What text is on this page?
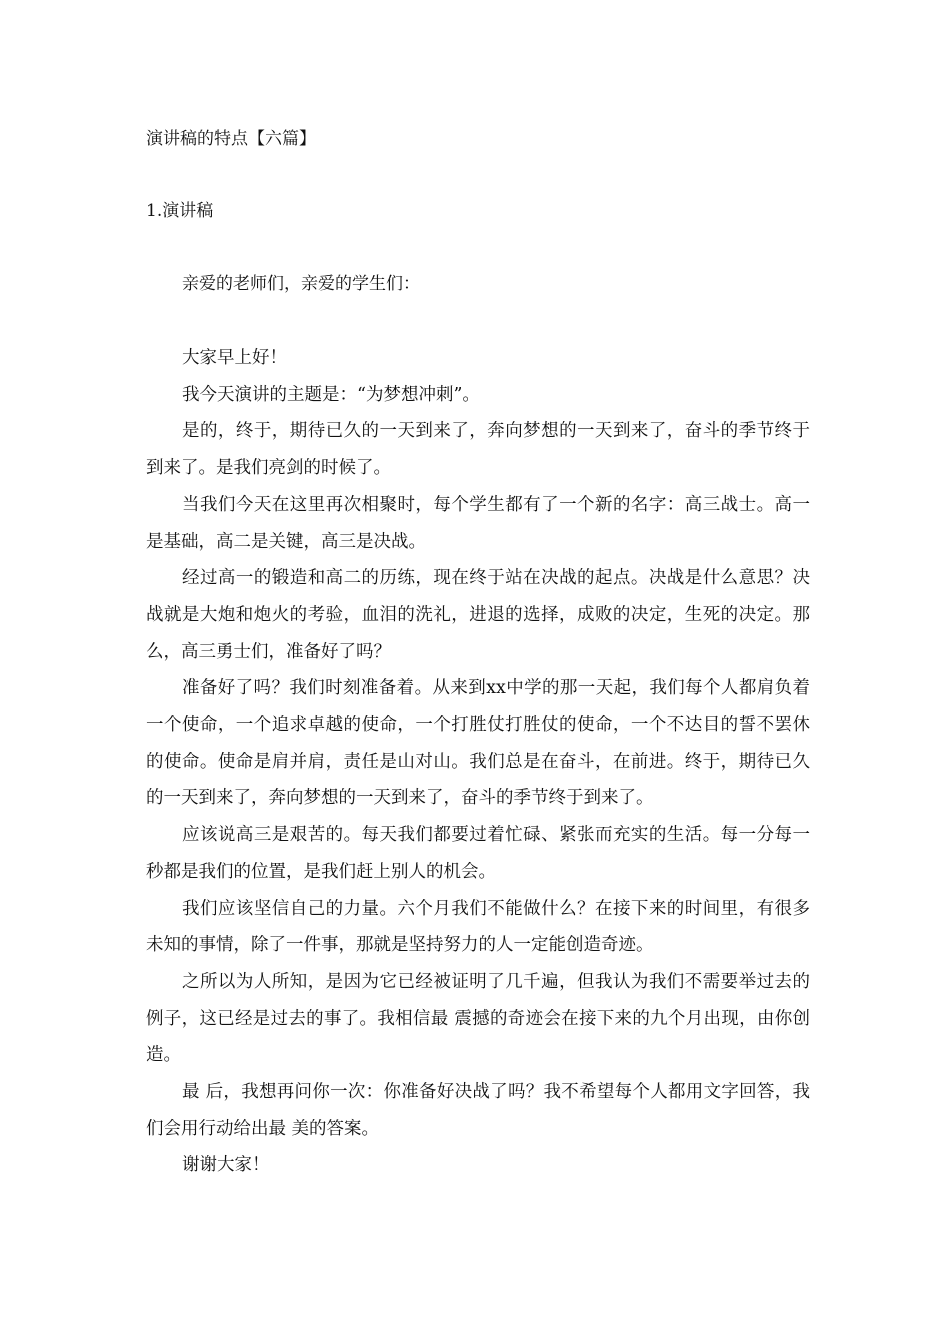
演讲稿的特点【六篇】
1.演讲稿
亲爱的老师们，亲爱的学生们：

大家早上好！

我今天演讲的主题是：“为梦想冲刺”。

是的，终于，期待已久的一天到来了，奔向梦想的一天到来了，奋斗的季节终于到来了。是我们亮剑的时候了。

当我们今天在这里再次相聚时，每个学生都有了一个新的名字：高三战士。高一是基础，高二是关键，高三是决战。

经过高一的锻造和高二的历练，现在终于站在决战的起点。决战是什么意思？决战就是大炮和炮火的考验，血泪的洗礼，进退的选择，成败的决定，生死的决定。那么，高三勇士们，准备好了吗？

准备好了吗？我们时刻准备着。从来到xx中学的那一天起，我们每个人都肩负着一个使命，一个追求卓越的使命，一个打胜仗打胜仗的使命，一个不达目的誓不罢休的使命。使命是肩并肩，责任是山对山。我们总是在奋斗，在前进。终于，期待已久的一天到来了，奔向梦想的一天到来了，奋斗的季节终于到来了。

应该说高三是艰苦的。每天我们都要过着忙碌、紧张而充实的生活。每一分每一秒都是我们的位置，是我们赶上别人的机会。

我们应该坚信自己的力量。六个月我们不能做什么？在接下来的时间里，有很多未知的事情，除了一件事，那就是坚持努力的人一定能创造奇迹。

之所以为人所知，是因为它已经被证明了几千遍，但我认为我们不需要举过去的例子，这已经是过去的事了。我相信最 震撼的奇迹会在接下来的九个月出现，由你创造。

最 后，我想再问你一次：你准备好决战了吗？我不希望每个人都用文字回答，我们会用行动给出最 美的答案。

谢谢大家！
